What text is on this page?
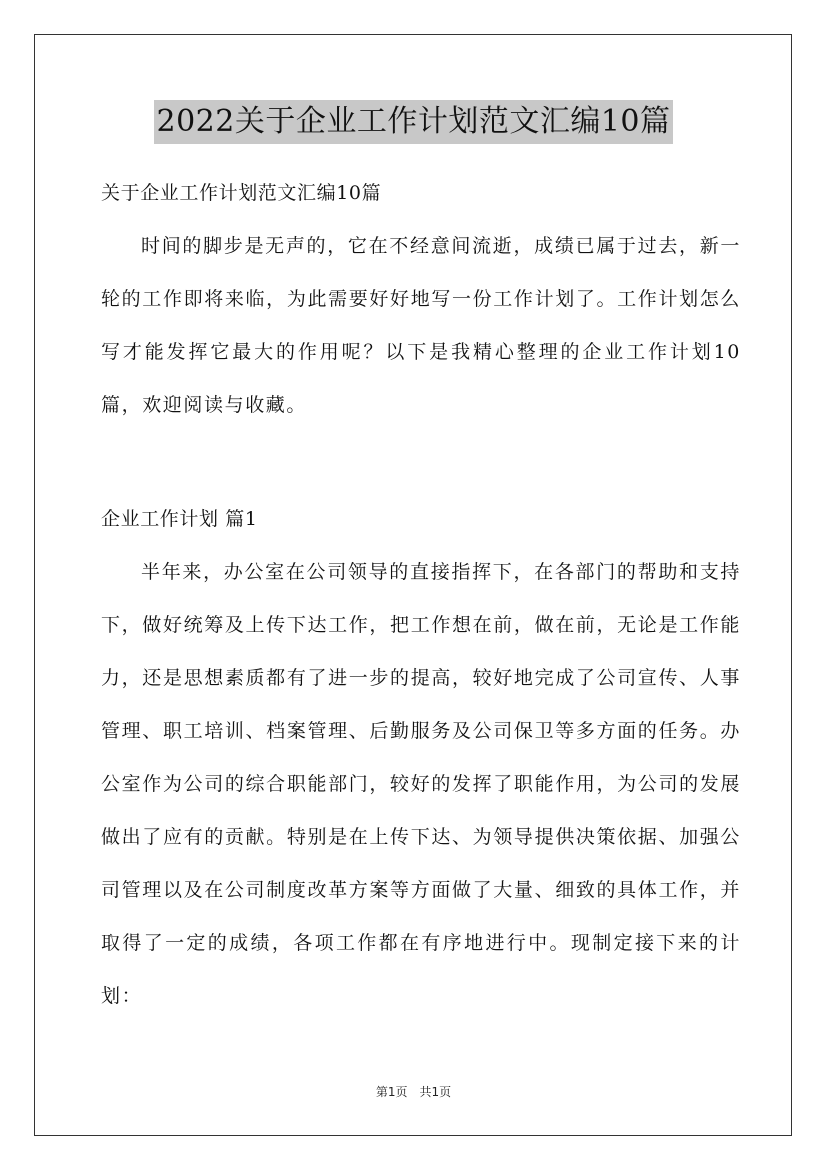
2022关于企业工作计划范文汇编10篇

关于企业工作计划范文汇编10篇

时间的脚步是无声的，它在不经意间流逝，成绩已属于过去，新一轮的工作即将来临，为此需要好好地写一份工作计划了。工作计划怎么写才能发挥它最大的作用呢？以下是我精心整理的企业工作计划10篇，欢迎阅读与收藏。

企业工作计划 篇1

半年来，办公室在公司领导的直接指挥下，在各部门的帮助和支持下，做好统筹及上传下达工作，把工作想在前，做在前，无论是工作能力，还是思想素质都有了进一步的提高，较好地完成了公司宣传、人事管理、职工培训、档案管理、后勤服务及公司保卫等多方面的任务。办公室作为公司的综合职能部门，较好的发挥了职能作用，为公司的发展做出了应有的贡献。特别是在上传下达、为领导提供决策依据、加强公司管理以及在公司制度改革方案等方面做了大量、细致的具体工作，并取得了一定的成绩，各项工作都在有序地进行中。现制定接下来的计划：

第1页　共1页
